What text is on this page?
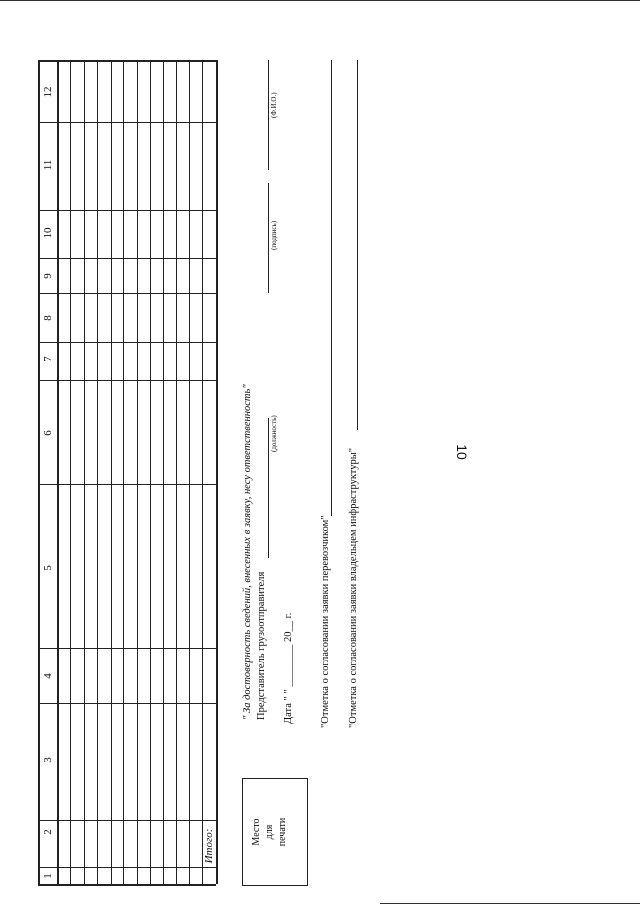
10
1
2
3
4
5
6
7
8
9
10
11
12
Итого:	Место
для
печати
" За достоверность сведений, внесенных в заявку, несу ответственность" Представитель грузоотправителя
(должность)
(подпись)
(Ф.И.О.)
Дата " " ________ 20__ г. "Отметка о согласовании заявки перевозчиком" "Отметка о согласовании заявки владельцем инфраструктуры"
